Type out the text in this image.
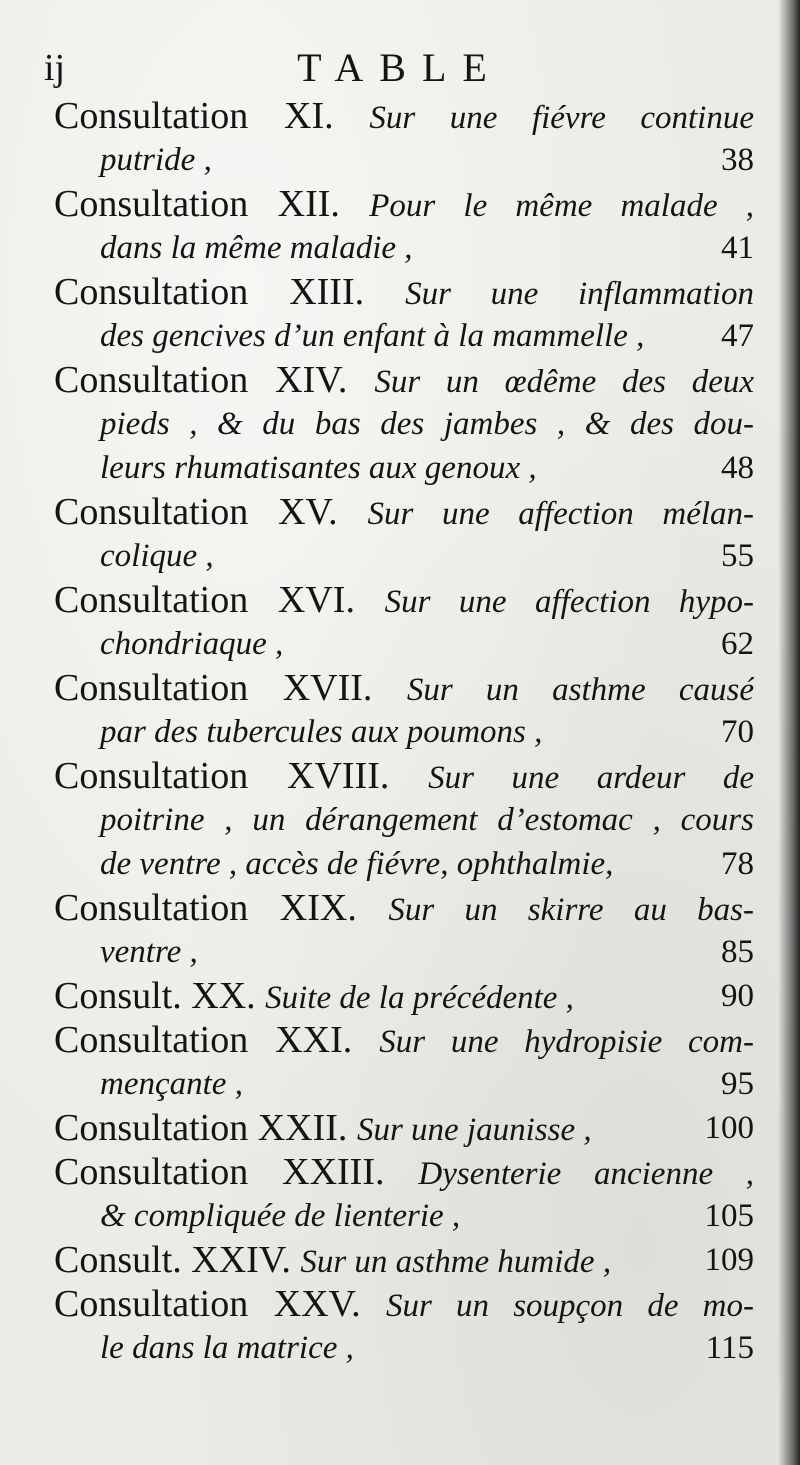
ij	TABLE
Consultation XI. Sur une fiévre continue
putride ,	38
Consultation XII. Pour le même malade ,
dans la même maladie ,	41
Consultation XIII. Sur une inflammation
des gencives d’un enfant à la mammelle , 47
Consultation XIV. Sur un œdême des deux
pieds , & du bas des jambes , & des dou-
leurs rhumatisantes aux genoux ,	48
Consultation XV. Sur une affection mélan-
colique ,	55
Consultation XVI. Sur une affection hypo-
chondriaque ,	62
Consultation XVII. Sur un asthme causé
par des tubercules aux poumons ,	70
Consultation XVIII. Sur une ardeur de
poitrine , un dérangement d’estomac , cours
de ventre , accès de fiévre, ophthalmie,	78
Consultation XIX. Sur un skirre au bas-
ventre ,	85
Consult. XX. Suite de la précédente ,	90
Consultation XXI. Sur une hydropisie com-
mençante ,	95
Consultation XXII. Sur une jaunisse ,	100
Consultation XXIII. Dysenterie ancienne ,
& compliquée de lienterie ,	105
Consult. XXIV. Sur un asthme humide ,	109
Consultation XXV. Sur un soupçon de mo-
le dans la matrice ,	115
